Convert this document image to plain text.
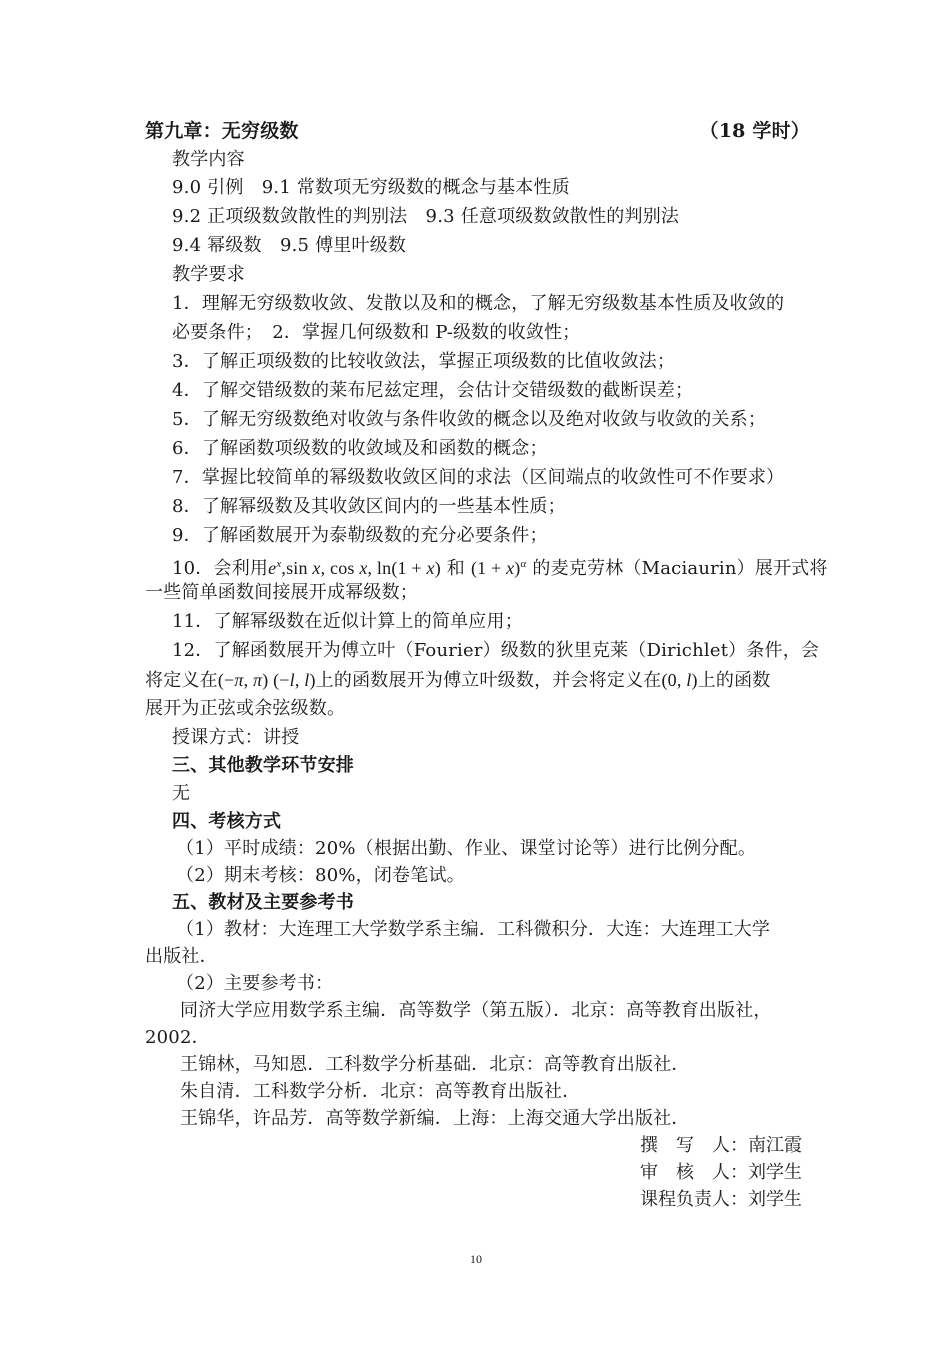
第九章：无穷级数	（18 学时）
教学内容
9.0 引例　9.1 常数项无穷级数的概念与基本性质
9.2 正项级数敛散性的判别法　9.3 任意项级数敛散性的判别法
9.4 幂级数　9.5 傅里叶级数
教学要求
1．理解无穷级数收敛、发散以及和的概念，了解无穷级数基本性质及收敛的
必要条件；　2．掌握几何级数和 P-级数的收敛性；
3．了解正项级数的比较收敛法，掌握正项级数的比值收敛法；
4．了解交错级数的莱布尼兹定理，会估计交错级数的截断误差；
5．了解无穷级数绝对收敛与条件收敛的概念以及绝对收敛与收敛的关系；
6．了解函数项级数的收敛域及和函数的概念；
7．掌握比较简单的幂级数收敛区间的求法（区间端点的收敛性可不作要求）
8．了解幂级数及其收敛区间内的一些基本性质；
9．了解函数展开为泰勒级数的充分必要条件；
10．会利用$e^x,\sin$ x, cos x, ln(1 + x) 和 $(1 + x)^\alpha$ 的麦克劳林（Maciaurin）展开式将
一些简单函数间接展开成幂级数；
11．了解幂级数在近似计算上的简单应用；
12．了解函数展开为傅立叶（Fourier）级数的狄里克莱（Dirichlet）条件，会
将定义在(−π, π) (−l, l)上的函数展开为傅立叶级数，并会将定义在(0, l)上的函数
展开为正弦或余弦级数。
授课方式：讲授
三、其他教学环节安排
无
四、考核方式
（1）平时成绩：20%（根据出勤、作业、课堂讨论等）进行比例分配。
（2）期末考核：80%，闭卷笔试。
五、教材及主要参考书
（1）教材：大连理工大学数学系主编．工科微积分．大连：大连理工大学
出版社．
（2）主要参考书：
同济大学应用数学系主编．高等数学（第五版）．北京：高等教育出版社，
2002．
王锦林，马知恩．工科数学分析基础．北京：高等教育出版社．
朱自清．工科数学分析．北京：高等教育出版社．
王锦华，许品芳．高等数学新编．上海：上海交通大学出版社．
撰　写　人：南江霞
审　核　人：刘学生
课程负责人：刘学生
10
